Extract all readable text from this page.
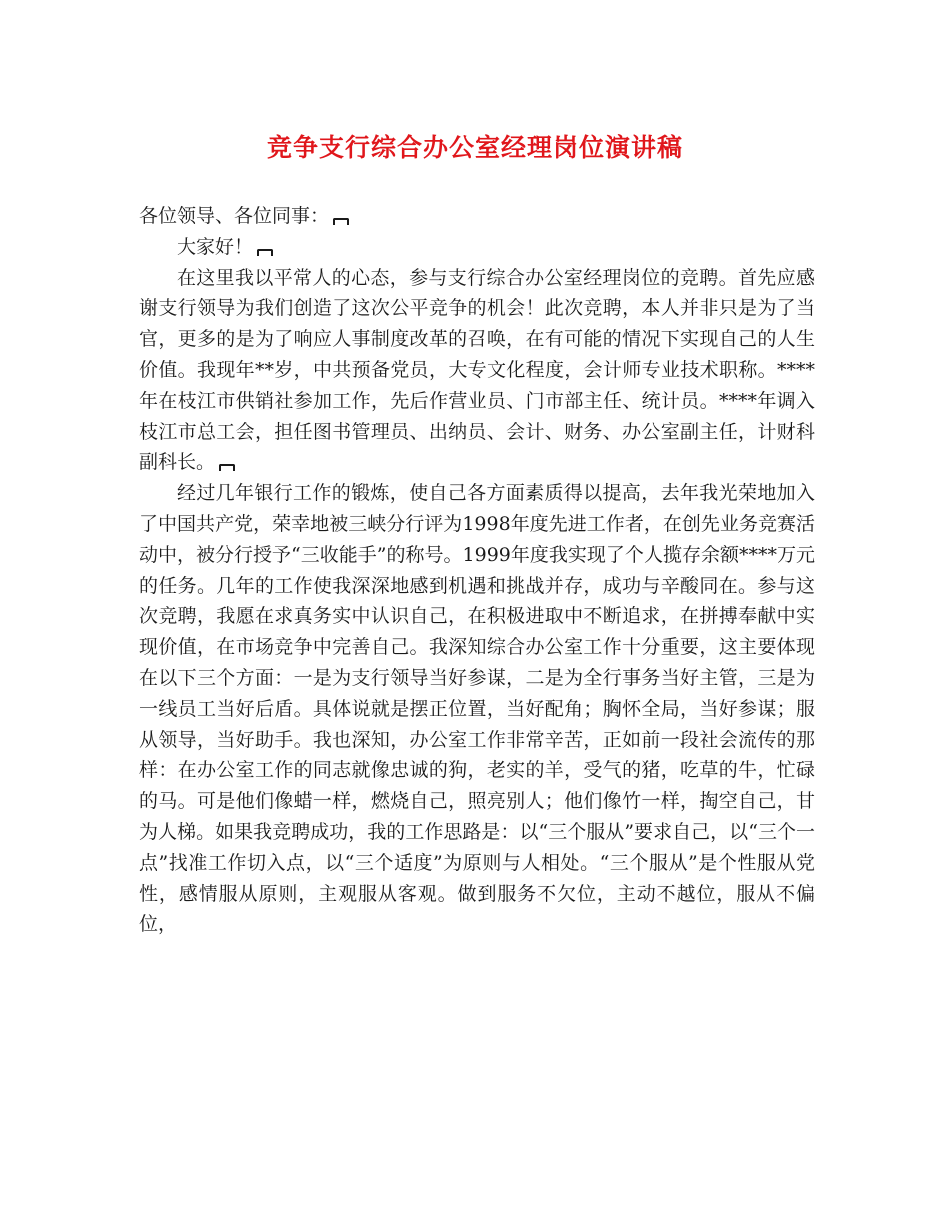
竞争支行综合办公室经理岗位演讲稿

各位领导、各位同事：

大家好！

在这里我以平常人的心态，参与支行综合办公室经理岗位的竞聘。首先应感谢支行领导为我们创造了这次公平竞争的机会！此次竞聘，本人并非只是为了当官，更多的是为了响应人事制度改革的召唤，在有可能的情况下实现自己的人生价值。我现年**岁，中共预备党员，大专文化程度，会计师专业技术职称。****年在枝江市供销社参加工作，先后作营业员、门市部主任、统计员。****年调入枝江市总工会，担任图书管理员、出纳员、会计、财务、办公室副主任，计财科副科长。

经过几年银行工作的锻炼，使自己各方面素质得以提高，去年我光荣地加入了中国共产党，荣幸地被三峡分行评为1998年度先进工作者，在创先业务竞赛活动中，被分行授予“三收能手”的称号。1999年度我实现了个人揽存余额****万元的任务。几年的工作使我深深地感到机遇和挑战并存，成功与辛酸同在。参与这次竞聘，我愿在求真务实中认识自己，在积极进取中不断追求，在拼搏奉献中实现价值，在市场竞争中完善自己。我深知综合办公室工作十分重要，这主要体现在以下三个方面：一是为支行领导当好参谋，二是为全行事务当好主管，三是为一线员工当好后盾。具体说就是摆正位置，当好配角；胸怀全局，当好参谋；服从领导，当好助手。我也深知，办公室工作非常辛苦，正如前一段社会流传的那样：在办公室工作的同志就像忠诚的狗，老实的羊，受气的猪，吃草的牛，忙碌的马。可是他们像蜡一样，燃烧自己，照亮别人；他们像竹一样，掏空自己，甘为人梯。如果我竞聘成功，我的工作思路是：以“三个服从”要求自己，以“三个一点”找准工作切入点，以“三个适度”为原则与人相处。“三个服从”是个性服从党性，感情服从原则，主观服从客观。做到服务不欠位，主动不越位，服从不偏位，
